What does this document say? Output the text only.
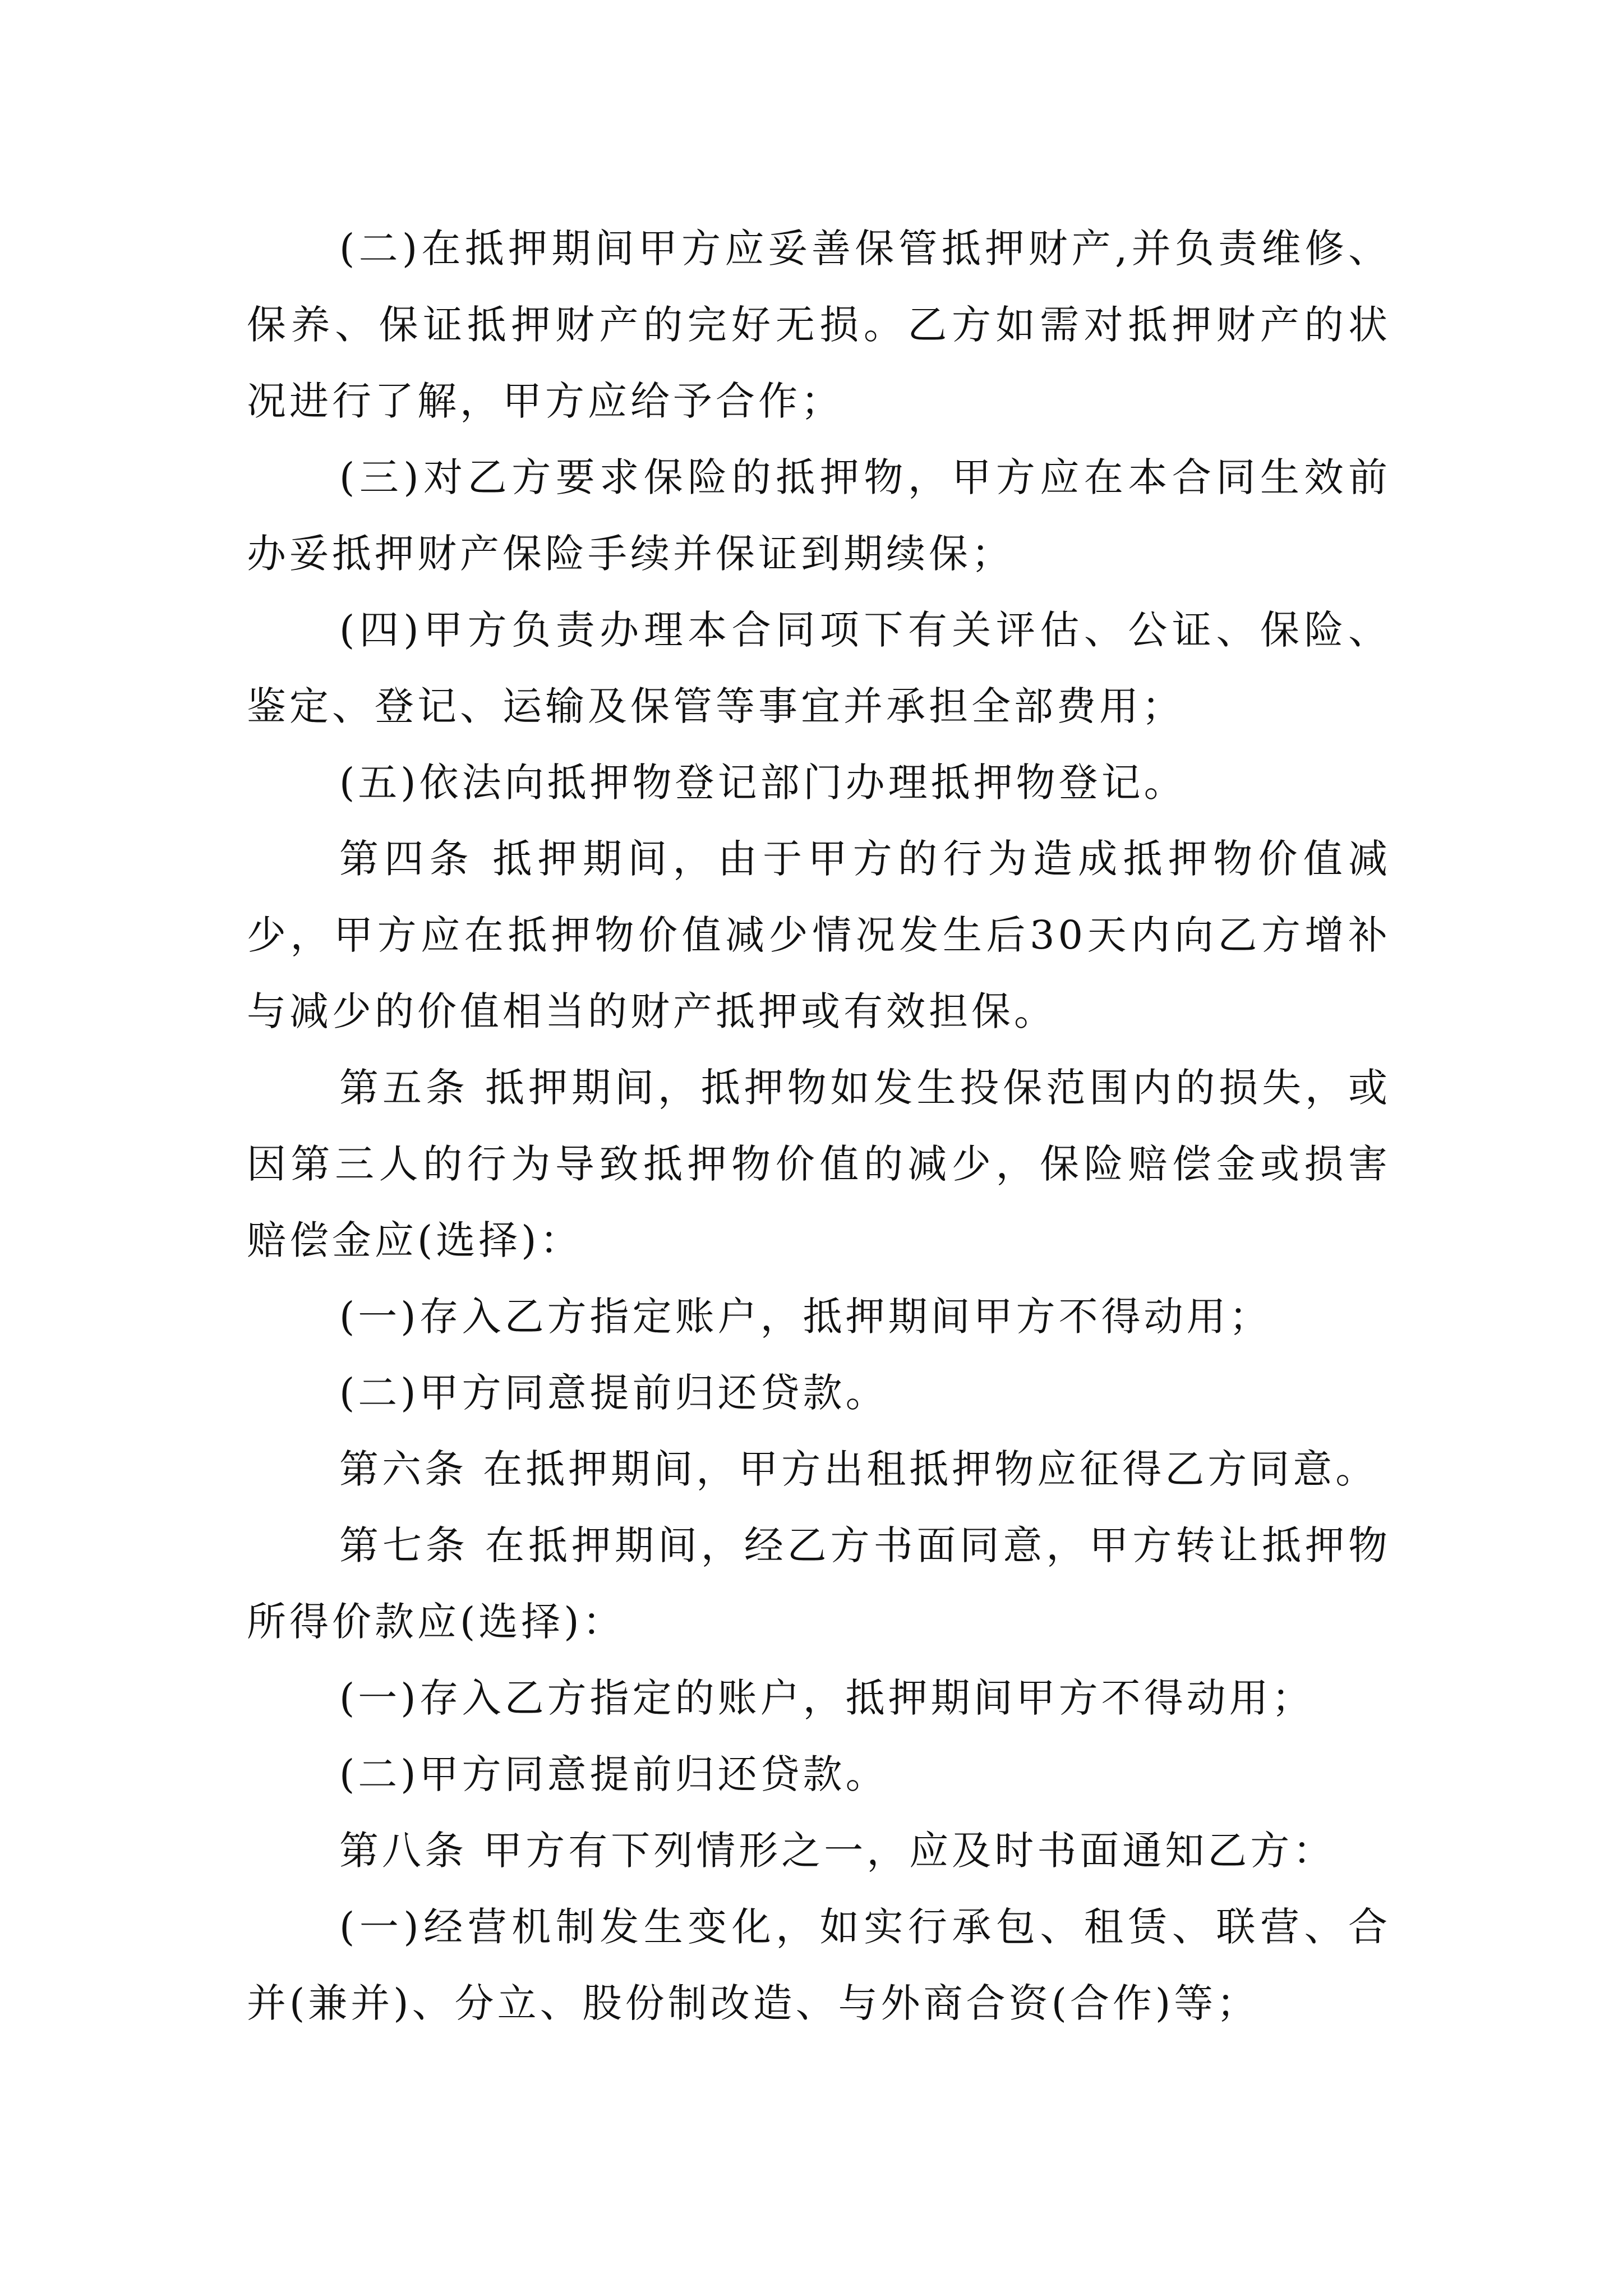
(二)在抵押期间甲方应妥善保管抵押财产,并负责维修、保养、保证抵押财产的完好无损。乙方如需对抵押财产的状况进行了解，甲方应给予合作；

(三)对乙方要求保险的抵押物，甲方应在本合同生效前办妥抵押财产保险手续并保证到期续保；

(四)甲方负责办理本合同项下有关评估、公证、保险、鉴定、登记、运输及保管等事宜并承担全部费用；

(五)依法向抵押物登记部门办理抵押物登记。

第四条 抵押期间，由于甲方的行为造成抵押物价值减少，甲方应在抵押物价值减少情况发生后30天内向乙方增补与减少的价值相当的财产抵押或有效担保。

第五条 抵押期间，抵押物如发生投保范围内的损失，或因第三人的行为导致抵押物价值的减少，保险赔偿金或损害赔偿金应(选择)：

(一)存入乙方指定账户，抵押期间甲方不得动用；

(二)甲方同意提前归还贷款。

第六条 在抵押期间，甲方出租抵押物应征得乙方同意。

第七条 在抵押期间，经乙方书面同意，甲方转让抵押物所得价款应(选择)：

(一)存入乙方指定的账户，抵押期间甲方不得动用；

(二)甲方同意提前归还贷款。

第八条 甲方有下列情形之一，应及时书面通知乙方：

(一)经营机制发生变化，如实行承包、租赁、联营、合并(兼并)、分立、股份制改造、与外商合资(合作)等；
